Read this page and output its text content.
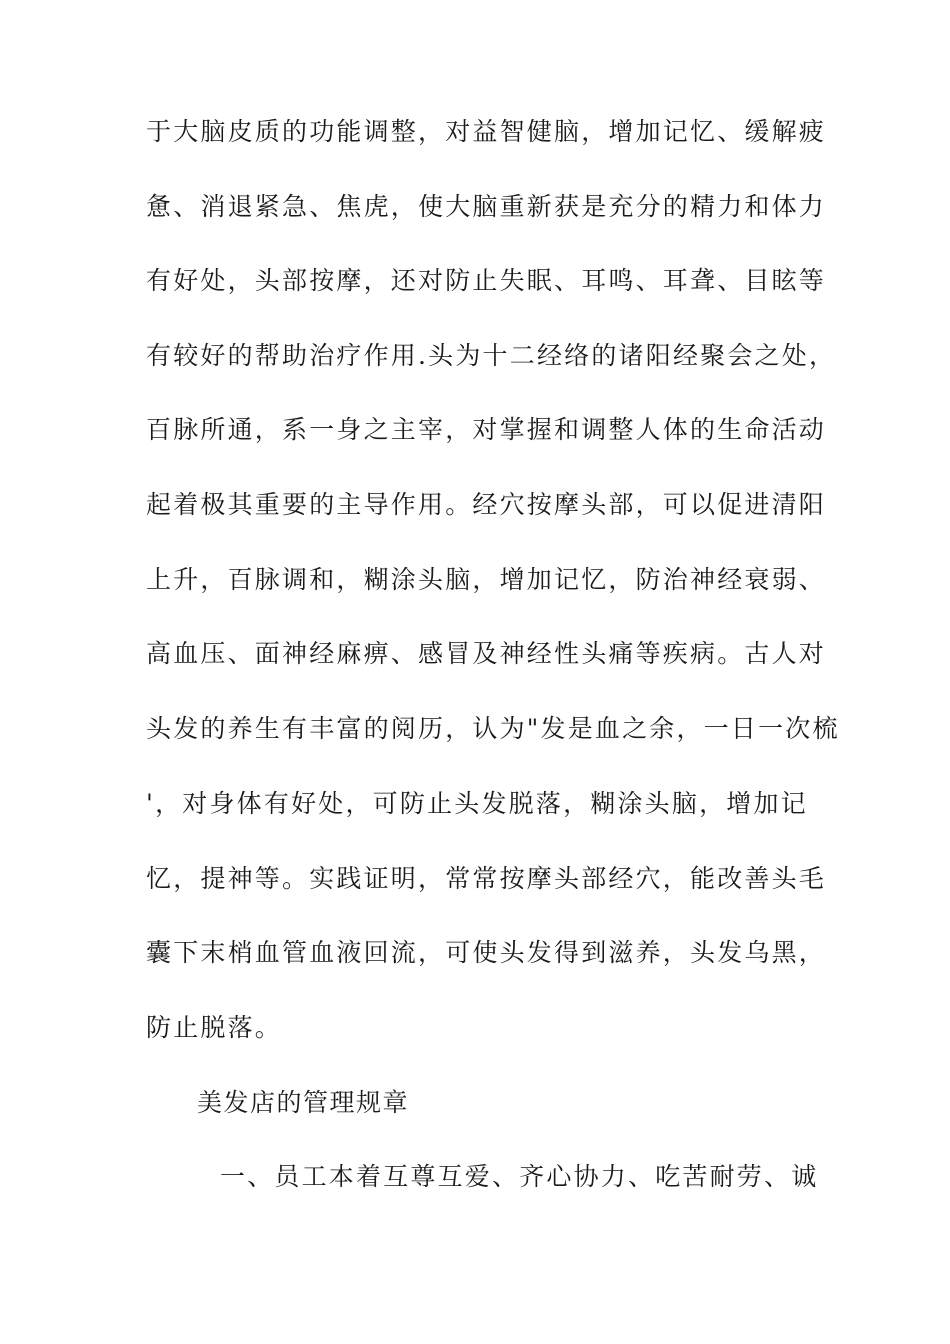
于大脑皮质的功能调整，对益智健脑，增加记忆、缓解疲
惫、消退紧急、焦虎，使大脑重新获是充分的精力和体力
有好处，头部按摩，还对防止失眠、耳鸣、耳聋、目眩等
有较好的帮助治疗作用.头为十二经络的诸阳经聚会之处，
百脉所通，系一身之主宰，对掌握和调整人体的生命活动
起着极其重要的主导作用。经穴按摩头部，可以促进清阳
上升，百脉调和，糊涂头脑，增加记忆，防治神经衰弱、
高血压、面神经麻痹、感冒及神经性头痛等疾病。古人对
头发的养生有丰富的阅历，认为"发是血之余，一日一次梳
'，对身体有好处，可防止头发脱落，糊涂头脑，增加记
忆，提神等。实践证明，常常按摩头部经穴，能改善头毛
囊下末梢血管血液回流，可使头发得到滋养，头发乌黑，
防止脱落。
美发店的管理规章
一、员工本着互尊互爱、齐心协力、吃苦耐劳、诚
